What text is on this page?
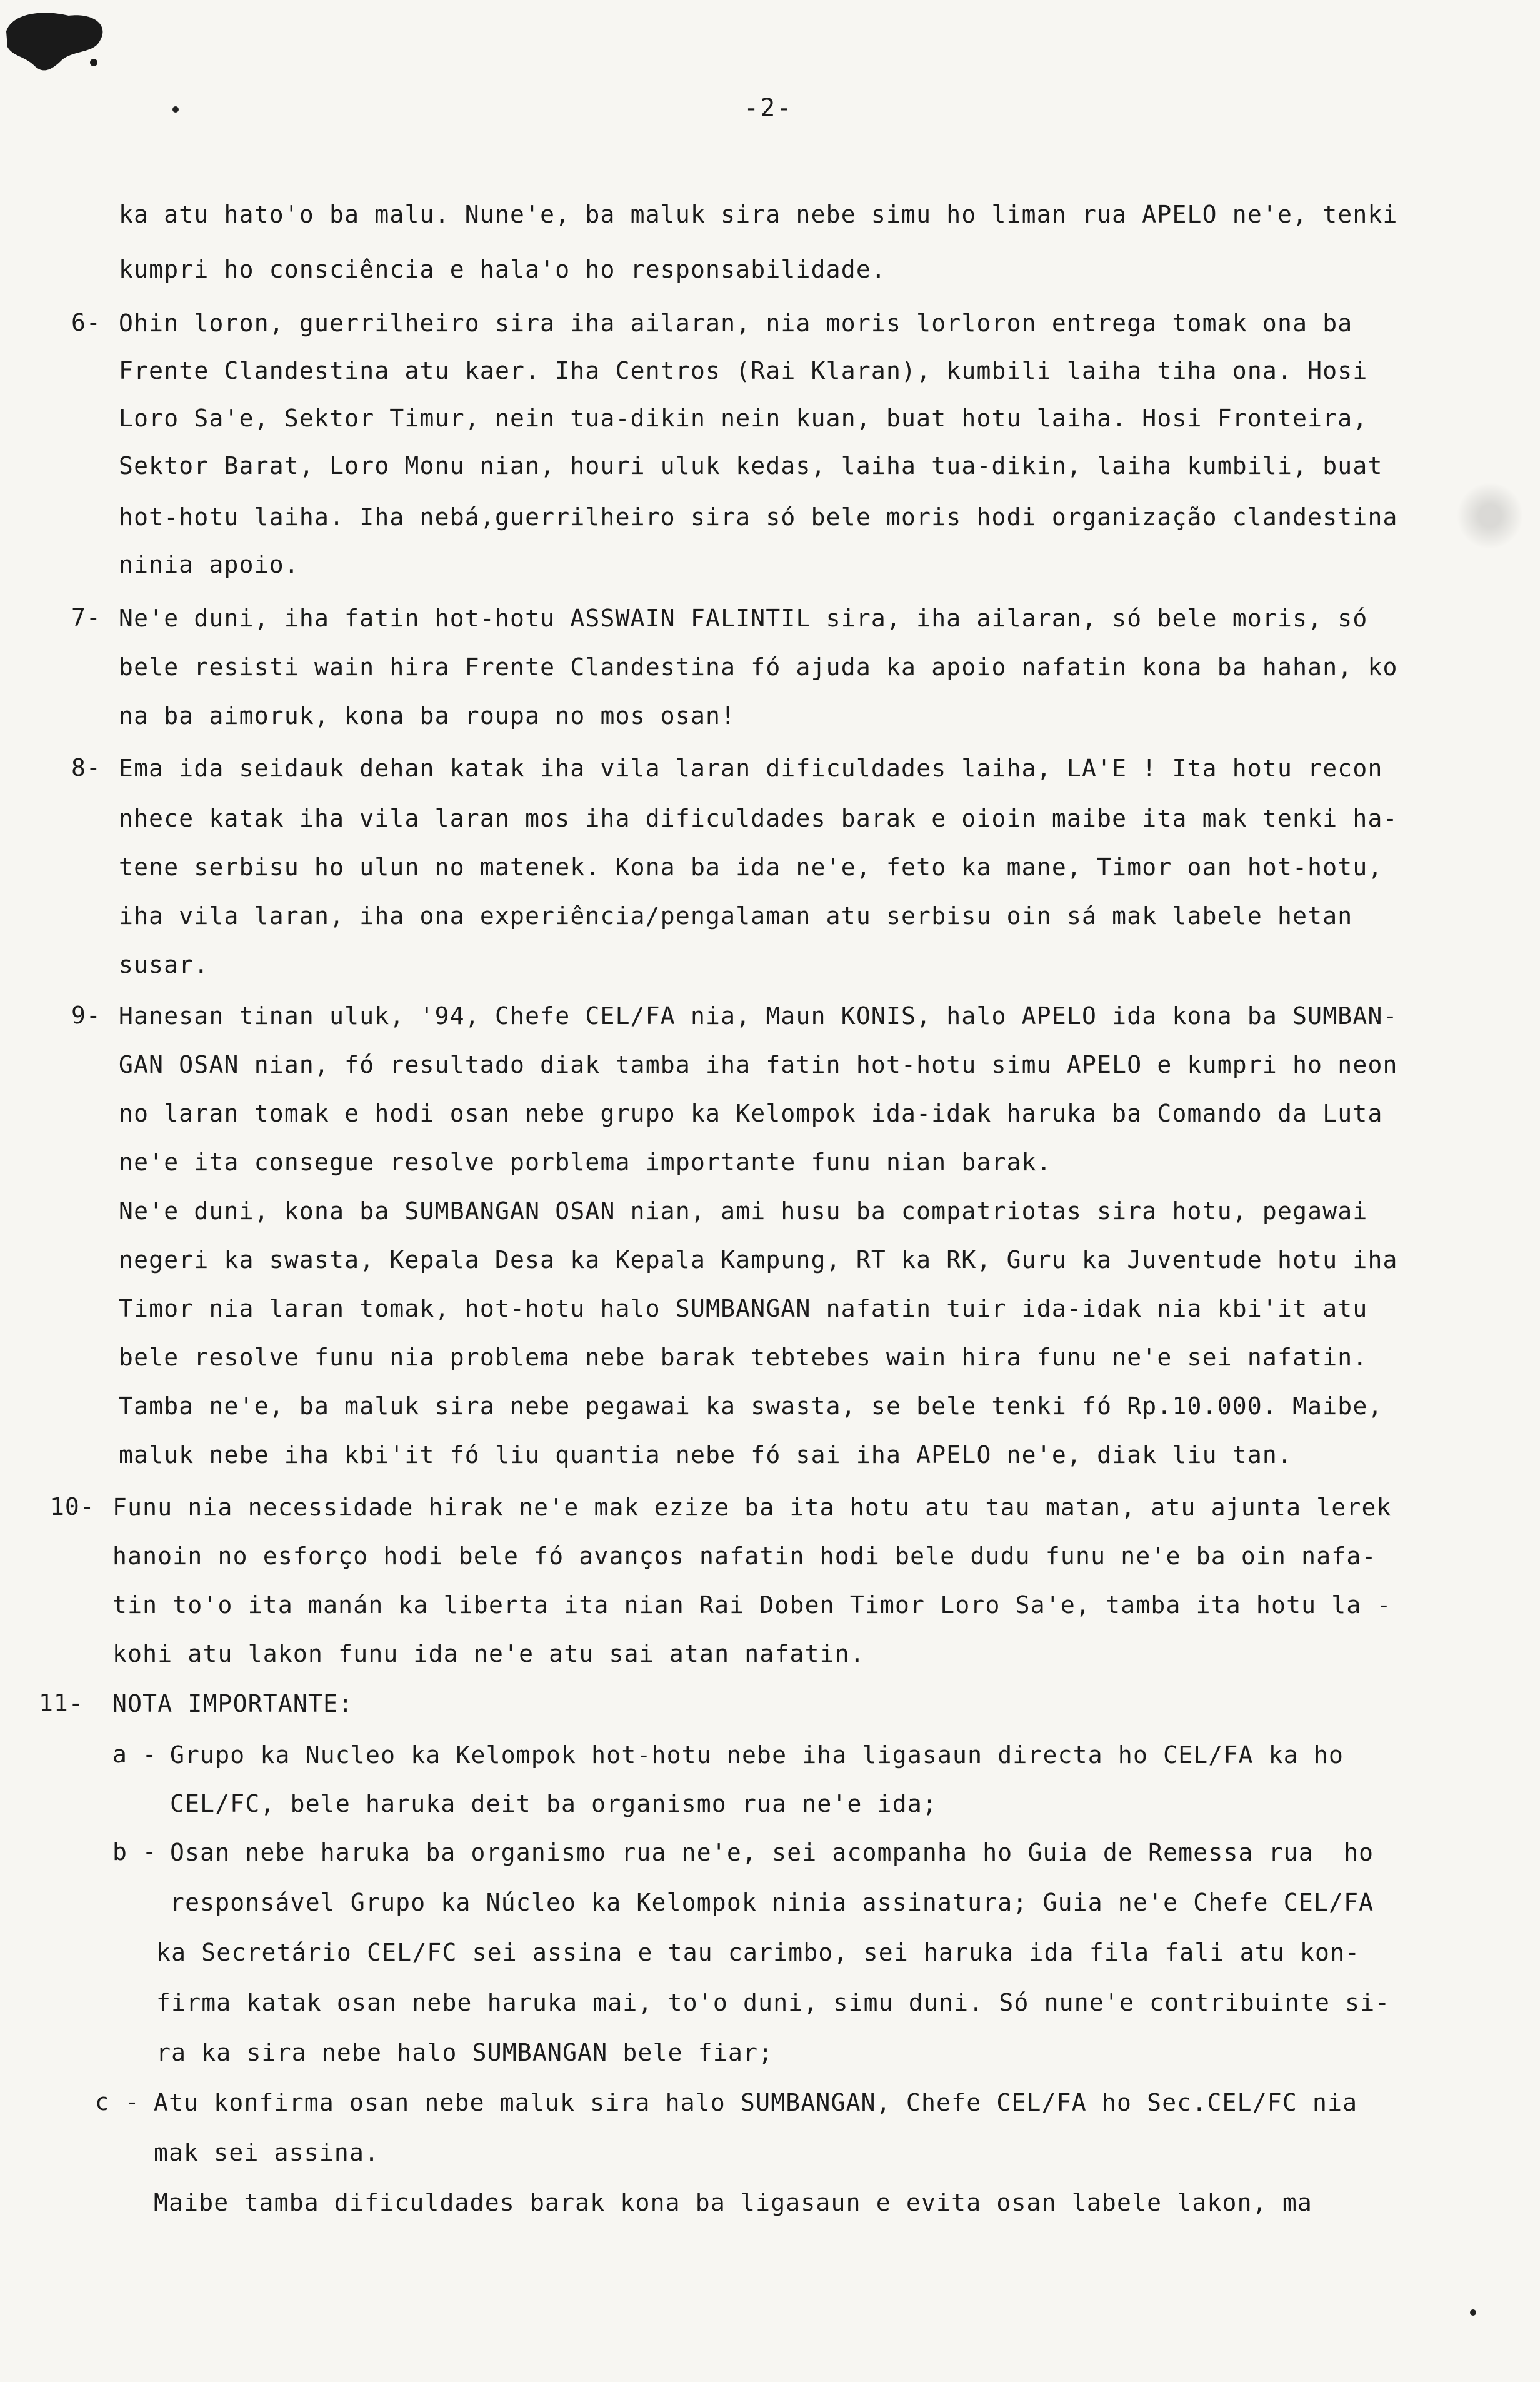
-2-
ka atu hato'o ba malu. Nune'e, ba maluk sira nebe simu ho liman rua APELO ne'e, tenki
kumpri ho consciência e hala'o ho responsabilidade.
6- Ohin loron, guerrilheiro sira iha ailaran, nia moris lorloron entrega tomak ona ba
Frente Clandestina atu kaer. Iha Centros (Rai Klaran), kumbili laiha tiha ona. Hosi
Loro Sa'e, Sektor Timur, nein tua-dikin nein kuan, buat hotu laiha. Hosi Fronteira,
Sektor Barat, Loro Monu nian, houri uluk kedas, laiha tua-dikin, laiha kumbili, buat
hot-hotu laiha. Iha nebá,guerrilheiro sira só bele moris hodi organização clandestina
ninia apoio.
7- Ne'e duni, iha fatin hot-hotu ASSWAIN FALINTIL sira, iha ailaran, só bele moris, só
bele resisti wain hira Frente Clandestina fó ajuda ka apoio nafatin kona ba hahan, ko
na ba aimoruk, kona ba roupa no mos osan!
8- Ema ida seidauk dehan katak iha vila laran dificuldades laiha, LA'E ! Ita hotu recon
nhece katak iha vila laran mos iha dificuldades barak e oioin maibe ita mak tenki ha-
tene serbisu ho ulun no matenek. Kona ba ida ne'e, feto ka mane, Timor oan hot-hotu,
iha vila laran, iha ona experiência/pengalaman atu serbisu oin sá mak labele hetan
susar.
9- Hanesan tinan uluk, '94, Chefe CEL/FA nia, Maun KONIS, halo APELO ida kona ba SUMBAN-
GAN OSAN nian, fó resultado diak tamba iha fatin hot-hotu simu APELO e kumpri ho neon
no laran tomak e hodi osan nebe grupo ka Kelompok ida-idak haruka ba Comando da Luta
ne'e ita consegue resolve porblema importante funu nian barak.
Ne'e duni, kona ba SUMBANGAN OSAN nian, ami husu ba compatriotas sira hotu, pegawai
negeri ka swasta, Kepala Desa ka Kepala Kampung, RT ka RK, Guru ka Juventude hotu iha
Timor nia laran tomak, hot-hotu halo SUMBANGAN nafatin tuir ida-idak nia kbi'it atu
bele resolve funu nia problema nebe barak tebtebes wain hira funu ne'e sei nafatin.
Tamba ne'e, ba maluk sira nebe pegawai ka swasta, se bele tenki fó Rp.10.000. Maibe,
maluk nebe iha kbi'it fó liu quantia nebe fó sai iha APELO ne'e, diak liu tan.
10- Funu nia necessidade hirak ne'e mak ezize ba ita hotu atu tau matan, atu ajunta lerek
hanoin no esforço hodi bele fó avanços nafatin hodi bele dudu funu ne'e ba oin nafa-
tin to'o ita manán ka liberta ita nian Rai Doben Timor Loro Sa'e, tamba ita hotu la -
kohi atu lakon funu ida ne'e atu sai atan nafatin.
11- NOTA IMPORTANTE:
a - Grupo ka Nucleo ka Kelompok hot-hotu nebe iha ligasaun directa ho CEL/FA ka ho
CEL/FC, bele haruka deit ba organismo rua ne'e ida;
b - Osan nebe haruka ba organismo rua ne'e, sei acompanha ho Guia de Remessa rua  ho
responsável Grupo ka Núcleo ka Kelompok ninia assinatura; Guia ne'e Chefe CEL/FA
ka Secretário CEL/FC sei assina e tau carimbo, sei haruka ida fila fali atu kon-
firma katak osan nebe haruka mai, to'o duni, simu duni. Só nune'e contribuinte si-
ra ka sira nebe halo SUMBANGAN bele fiar;
c - Atu konfirma osan nebe maluk sira halo SUMBANGAN, Chefe CEL/FA ho Sec.CEL/FC nia
mak sei assina.
Maibe tamba dificuldades barak kona ba ligasaun e evita osan labele lakon, ma
